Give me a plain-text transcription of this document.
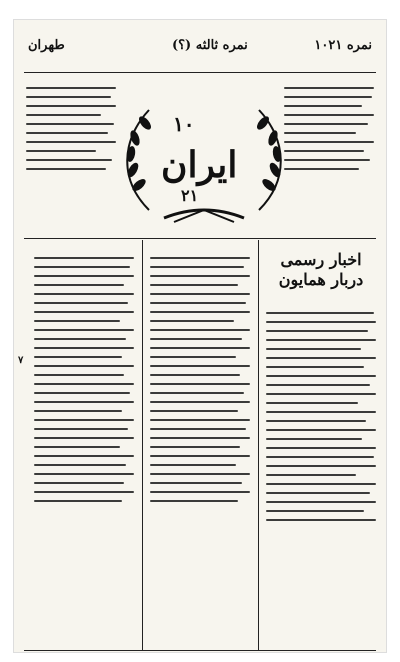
نمره ۱۰۲۱
نمره ثالثه (؟)
طهران
۱۰
ایران
۲۱
اخبار رسمی دربار همایون
۷
